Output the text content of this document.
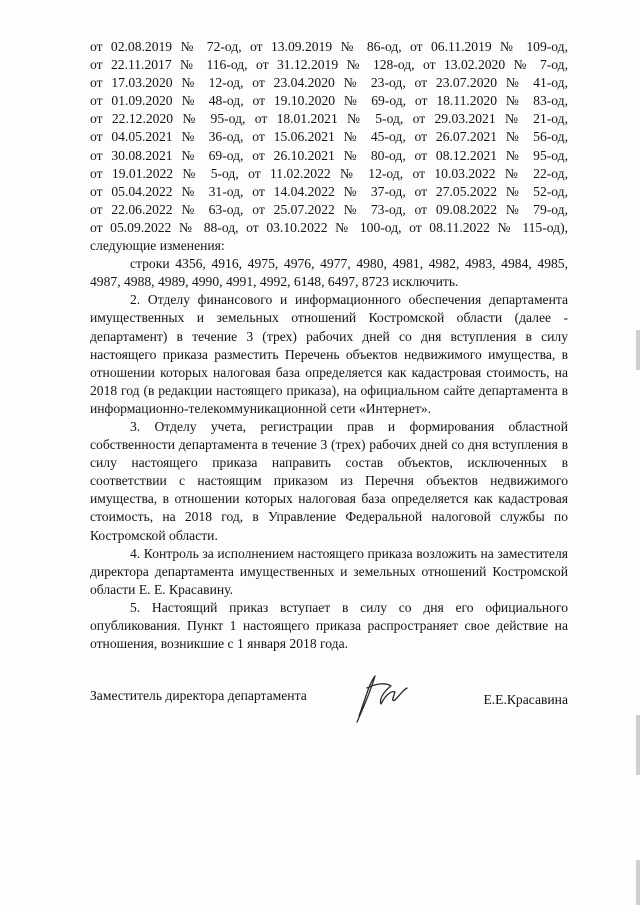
от 02.08.2019 № 72-од, от 13.09.2019 № 86-од, от 06.11.2019 № 109-од,

от 22.11.2017 № 116-од, от 31.12.2019 № 128-од, от 13.02.2020 № 7-од,

от 17.03.2020 № 12-од, от 23.04.2020 № 23-од, от 23.07.2020 № 41-од,

от 01.09.2020 № 48-од, от 19.10.2020 № 69-од, от 18.11.2020 № 83-од,

от 22.12.2020 № 95-од, от 18.01.2021 № 5-од, от 29.03.2021 № 21-од,

от 04.05.2021 № 36-од, от 15.06.2021 № 45-од, от 26.07.2021 № 56-од,

от 30.08.2021 № 69-од, от 26.10.2021 № 80-од, от 08.12.2021 № 95-од,

от 19.01.2022 № 5-од, от 11.02.2022 № 12-од, от 10.03.2022 № 22-од,

от 05.04.2022 № 31-од, от 14.04.2022 № 37-од, от 27.05.2022 № 52-од,

от 22.06.2022 № 63-од, от 25.07.2022 № 73-од, от 09.08.2022 № 79-од,

от 05.09.2022 № 88-од, от 03.10.2022 № 100-од, от 08.11.2022 № 115-од),

следующие изменения:

строки 4356, 4916, 4975, 4976, 4977, 4980, 4981, 4982, 4983, 4984, 4985, 4987, 4988, 4989, 4990, 4991, 4992, 6148, 6497, 8723 исключить.

2. Отделу финансового и информационного обеспечения департамента имущественных и земельных отношений Костромской области (далее - департамент) в течение 3 (трех) рабочих дней со дня вступления в силу настоящего приказа разместить Перечень объектов недвижимого имущества, в отношении которых налоговая база определяется как кадастровая стоимость, на 2018 год (в редакции настоящего приказа), на официальном сайте департамента в информационно-телекоммуникационной сети «Интернет».

3. Отделу учета, регистрации прав и формирования областной собственности департамента в течение 3 (трех) рабочих дней со дня вступления в силу настоящего приказа направить состав объектов, исключенных в соответствии с настоящим приказом из Перечня объектов недвижимого имущества, в отношении которых налоговая база определяется как кадастровая стоимость, на 2018 год, в Управление Федеральной налоговой службы по Костромской области.

4. Контроль за исполнением настоящего приказа возложить на заместителя директора департамента имущественных и земельных отношений Костромской области Е. Е. Красавину.

5. Настоящий приказ вступает в силу со дня его официального опубликования. Пункт 1 настоящего приказа распространяет свое действие на отношения, возникшие с 1 января 2018 года.

Заместитель директора департамента	Е.Е.Красавина
